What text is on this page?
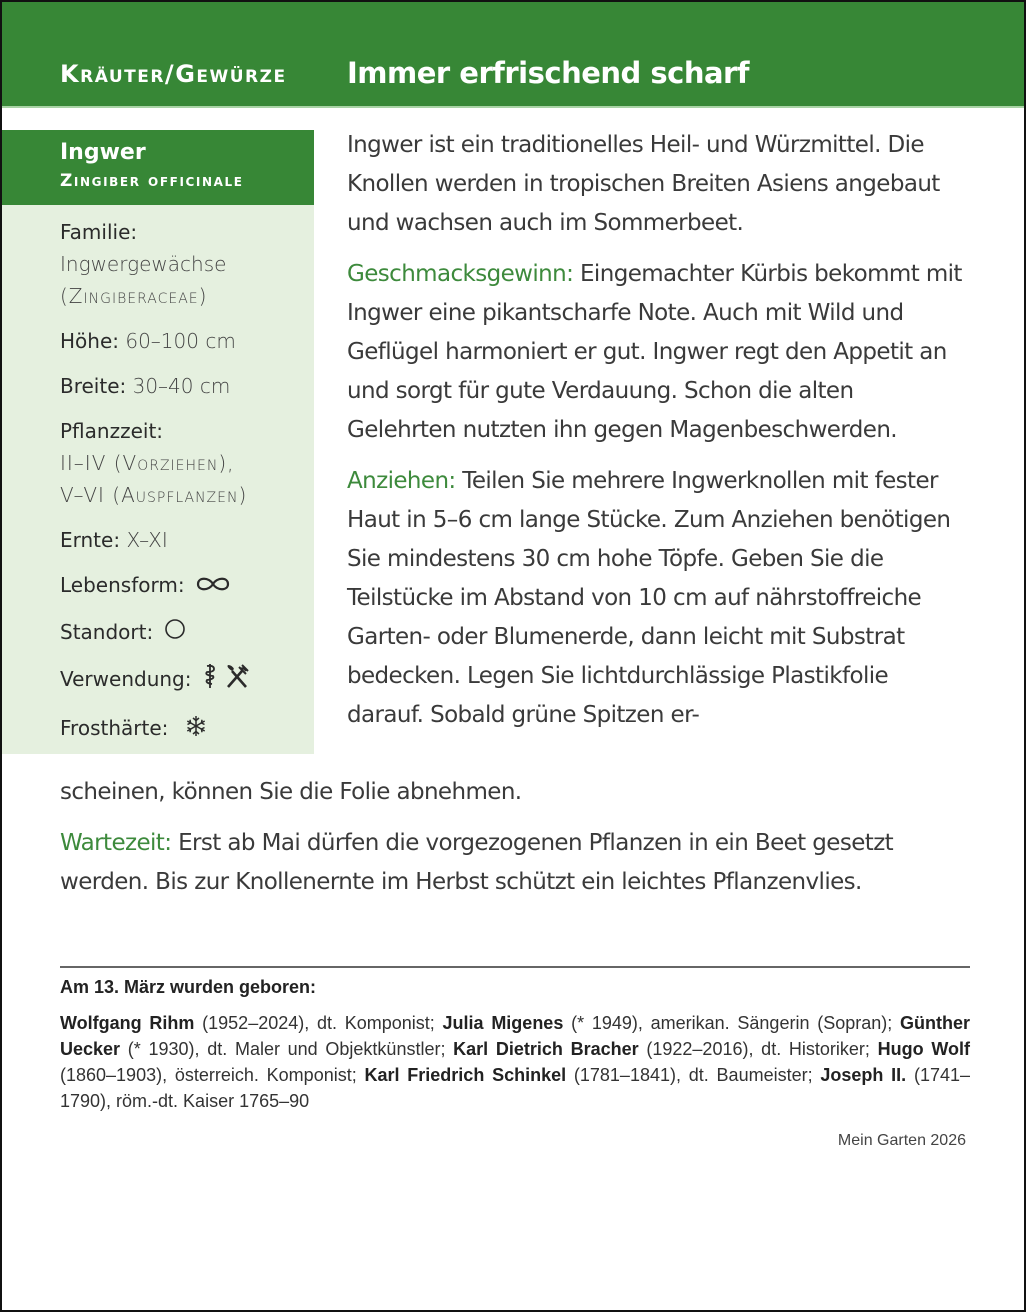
Kräuter/Gewürze Immer erfrischend scharf
Ingwer
Zingiber officinale
Familie:
Ingwergewächse
(Zingiberaceae)
Höhe: 60–100 cm
Breite: 30–40 cm
Pflanzzeit:
II–IV (Vorziehen),
V–VI (Auspflanzen)
Ernte: X–XI
Lebensform:
Standort:
Verwendung:
Frosthärte:

Ingwer ist ein traditionelles Heil- und Würzmittel. Die Knollen werden in tropischen Breiten Asiens angebaut und wachsen auch im Sommerbeet.

Geschmacksgewinn: Eingemachter Kürbis bekommt mit Ingwer eine pikantscharfe Note. Auch mit Wild und Geflügel harmoniert er gut. Ingwer regt den Appetit an und sorgt für gute Verdauung. Schon die alten Gelehrten nutzten ihn gegen Magenbeschwerden.

Anziehen: Teilen Sie mehrere Ingwerknollen mit fester Haut in 5–6 cm lange Stücke. Zum Anziehen benötigen Sie mindestens 30 cm hohe Töpfe. Geben Sie die Teilstücke im Abstand von 10 cm auf nährstoffreiche Garten- oder Blumenerde, dann leicht mit Substrat bedecken. Legen Sie lichtdurchlässige Plastikfolie darauf. Sobald grüne Spitzen er-

scheinen, können Sie die Folie abnehmen.
Wartezeit: Erst ab Mai dürfen die vorgezogenen Pflanzen in ein Beet gesetzt werden. Bis zur Knollenernte im Herbst schützt ein leichtes Pflanzenvlies.
Am 13. März wurden geboren:
Wolfgang Rihm (1952–2024), dt. Komponist; Julia Migenes (* 1949), amerikan. Sängerin (Sopran); Günther Uecker (* 1930), dt. Maler und Objektkünstler; Karl Dietrich Bracher (1922–2016), dt. Historiker; Hugo Wolf (1860–1903), österreich. Komponist; Karl Friedrich Schinkel (1781–1841), dt. Baumeister; Joseph II. (1741–1790), röm.-dt. Kaiser 1765–90
Mein Garten 2026
